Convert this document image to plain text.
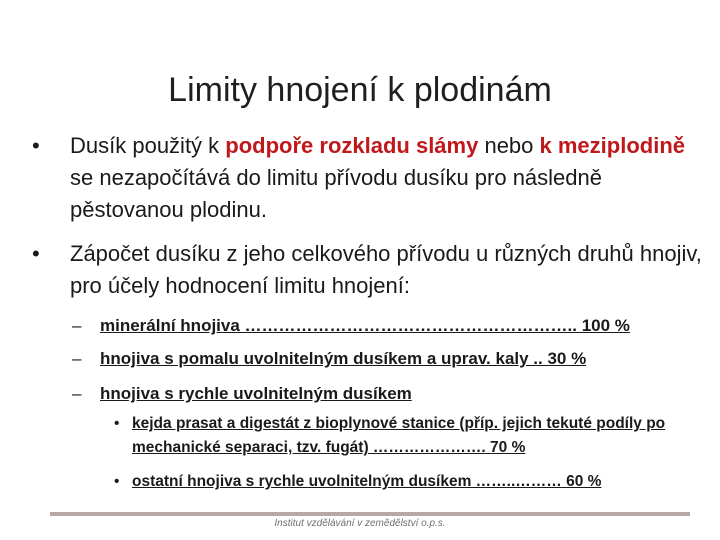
Limity hnojení k plodinám
•	Dusík použitý k podpoře rozkladu slámy nebo k meziplodině se nezapočítává do limitu přívodu dusíku pro následně pěstovanou plodinu.
•	Zápočet dusíku z jeho celkového přívodu u různých druhů hnojiv, pro účely hodnocení limitu hnojení:
– minerální hnojiva ………………………………………………….. 100 %
– hnojiva s pomalu uvolnitelným dusíkem a uprav. kaly .. 30 %
– hnojiva s rychle uvolnitelným dusíkem
• kejda prasat a digestát z bioplynové stanice (příp. jejich tekuté podíly po mechanické separaci, tzv. fugát) …………………. 70 %
• ostatní hnojiva s rychle uvolnitelným dusíkem ……..……… 60 %
Institut vzdělávání v zemědělství o.p.s.
